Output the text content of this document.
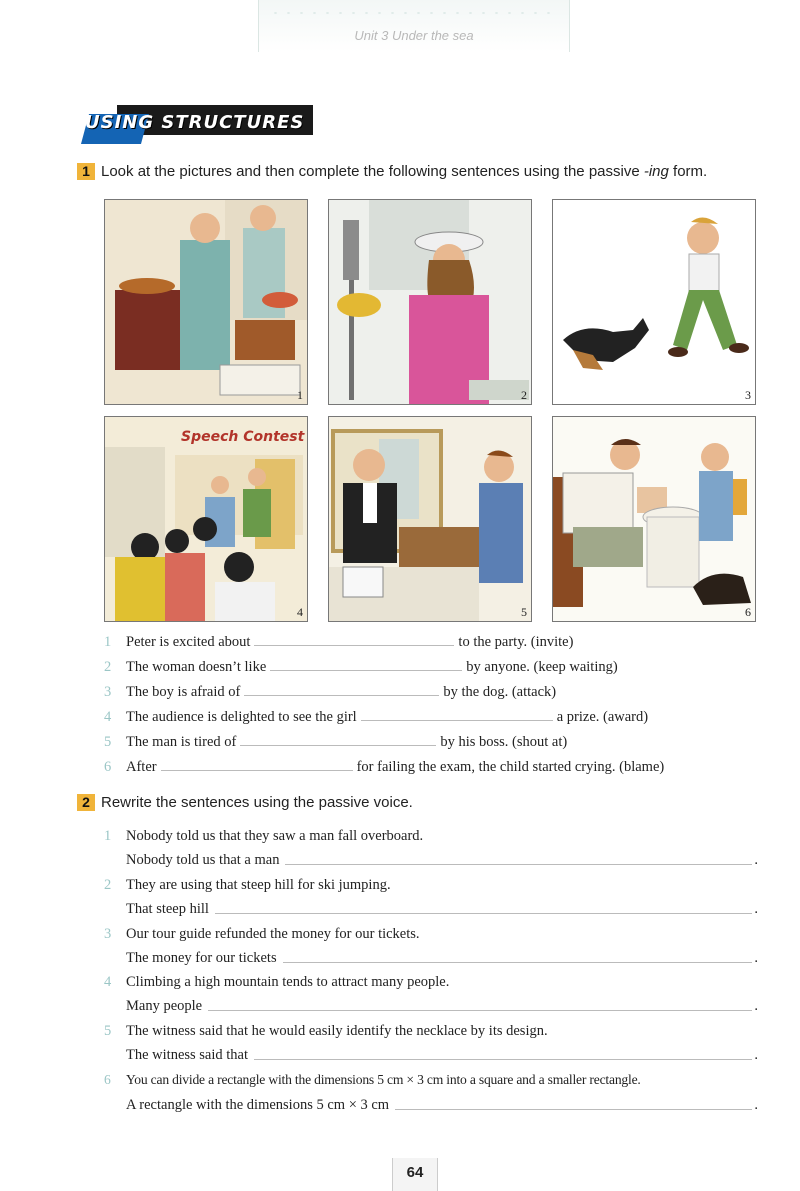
Unit 3 Under the sea
USING STRUCTURES
1 Look at the pictures and then complete the following sentences using the passive -ing form.
1	2	3
Speech Contest
4	5	6
1 Peter is excited about	to the party. (invite)
2 The woman doesn’t like	by anyone. (keep waiting)
3 The boy is afraid of	by the dog. (attack)
4 The audience is delighted to see the girl	a prize. (award)
5 The man is tired of	by his boss. (shout at)
6 After	for failing the exam, the child started crying. (blame)
2 Rewrite the sentences using the passive voice.
1 Nobody told us that they saw a man fall overboard.
Nobody told us that a man	.
2 They are using that steep hill for ski jumping.
That steep hill	.
3 Our tour guide refunded the money for our tickets.
The money for our tickets	.
4 Climbing a high mountain tends to attract many people.
Many people	.
5 The witness said that he would easily identify the necklace by its design.
The witness said that	.
6 You can divide a rectangle with the dimensions 5 cm × 3 cm into a square and a smaller rectangle.
A rectangle with the dimensions 5 cm × 3 cm	.
64
